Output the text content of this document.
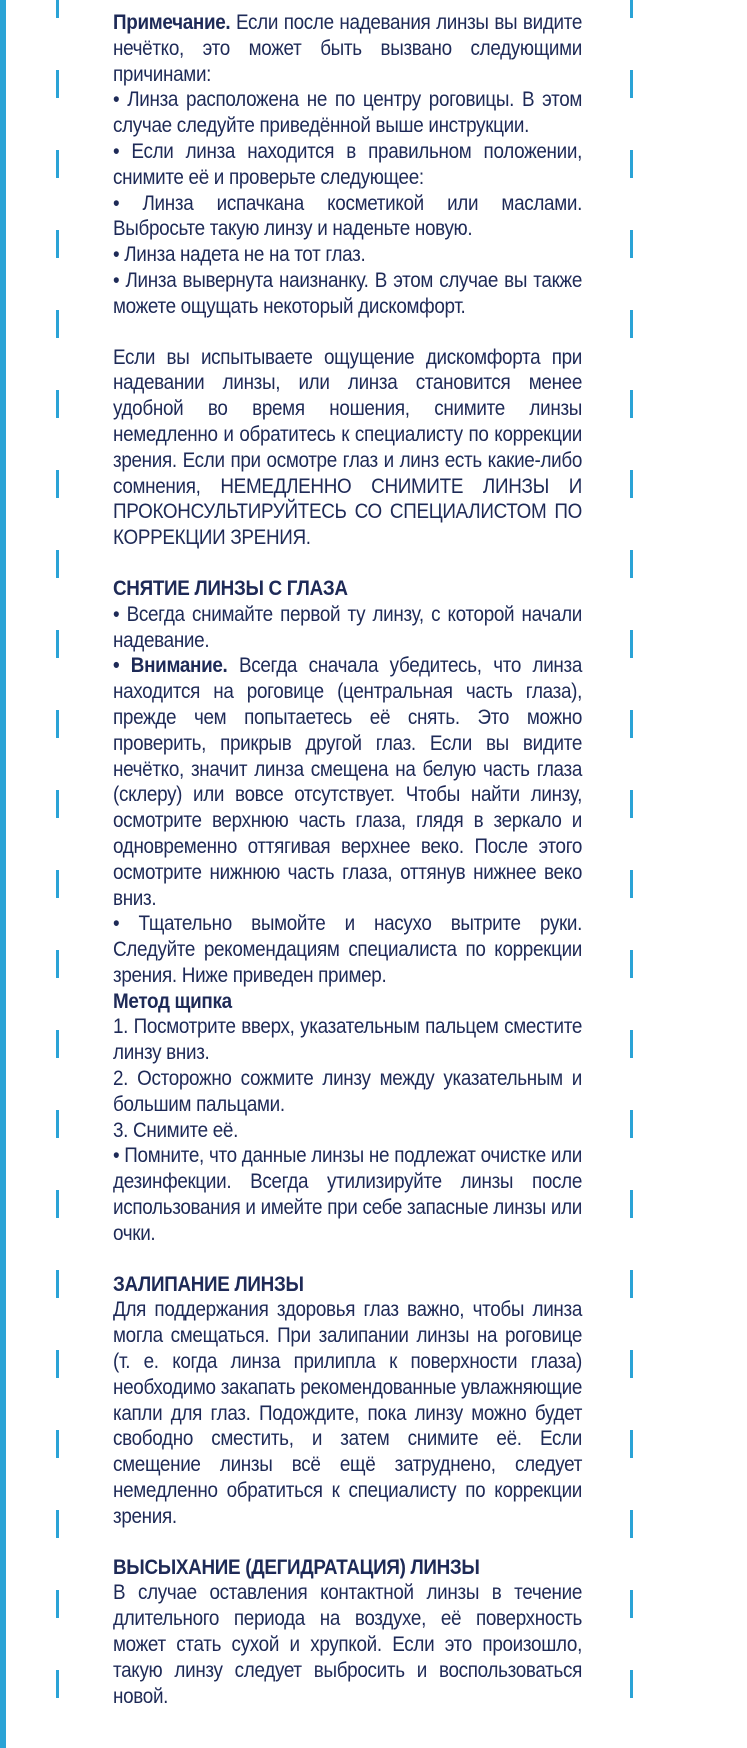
Примечание. Если после надевания линзы вы видите нечётко, это может быть вызвано следующими причинами:

• Линза расположена не по центру роговицы. В этом случае следуйте приведённой выше инструкции.

• Если линза находится в правильном положении, снимите её и проверьте следующее:

• Линза испачкана косметикой или маслами. Выбросьте такую линзу и наденьте новую.

• Линза надета не на тот глаз.

• Линза вывернута наизнанку. В этом случае вы также можете ощущать некоторый дискомфорт.

Если вы испытываете ощущение дискомфорта при надевании линзы, или линза становится менее удобной во время ношения, снимите линзы немедленно и обратитесь к специалисту по коррекции зрения. Если при осмотре глаз и линз есть какие-либо сомнения, НЕМЕДЛЕННО СНИМИТЕ ЛИНЗЫ И ПРОКОНСУЛЬТИРУЙТЕСЬ СО СПЕЦИАЛИСТОМ ПО КОРРЕКЦИИ ЗРЕНИЯ.

СНЯТИЕ ЛИНЗЫ С ГЛАЗА

• Всегда снимайте первой ту линзу, с которой начали надевание.

• Внимание. Всегда сначала убедитесь, что линза находится на роговице (центральная часть глаза), прежде чем попытаетесь её снять. Это можно проверить, прикрыв другой глаз. Если вы видите нечётко, значит линза смещена на белую часть глаза (склеру) или вовсе отсутствует. Чтобы найти линзу, осмотрите верхнюю часть глаза, глядя в зеркало и одновременно оттягивая верхнее веко. После этого осмотрите нижнюю часть глаза, оттянув нижнее веко вниз.

• Тщательно вымойте и насухо вытрите руки. Следуйте рекомендациям специалиста по коррекции зрения. Ниже приведен пример.

Метод щипка

1. Посмотрите вверх, указательным пальцем сместите линзу вниз.

2. Осторожно сожмите линзу между указательным и большим пальцами.

3. Снимите её.

• Помните, что данные линзы не подлежат очистке или дезинфекции. Всегда утилизируйте линзы после использования и имейте при себе запасные линзы или очки.

ЗАЛИПАНИЕ ЛИНЗЫ

Для поддержания здоровья глаз важно, чтобы линза могла смещаться. При залипании линзы на роговице (т. е. когда линза прилипла к поверхности глаза) необходимо закапать рекомендованные увлажняющие капли для глаз. Подождите, пока линзу можно будет свободно сместить, и затем снимите её. Если смещение линзы всё ещё затруднено, следует немедленно обратиться к специалисту по коррекции зрения.

ВЫСЫХАНИЕ (ДЕГИДРАТАЦИЯ) ЛИНЗЫ

В случае оставления контактной линзы в течение длительного периода на воздухе, её поверхность может стать сухой и хрупкой. Если это произошло, такую линзу следует выбросить и воспользоваться новой.
